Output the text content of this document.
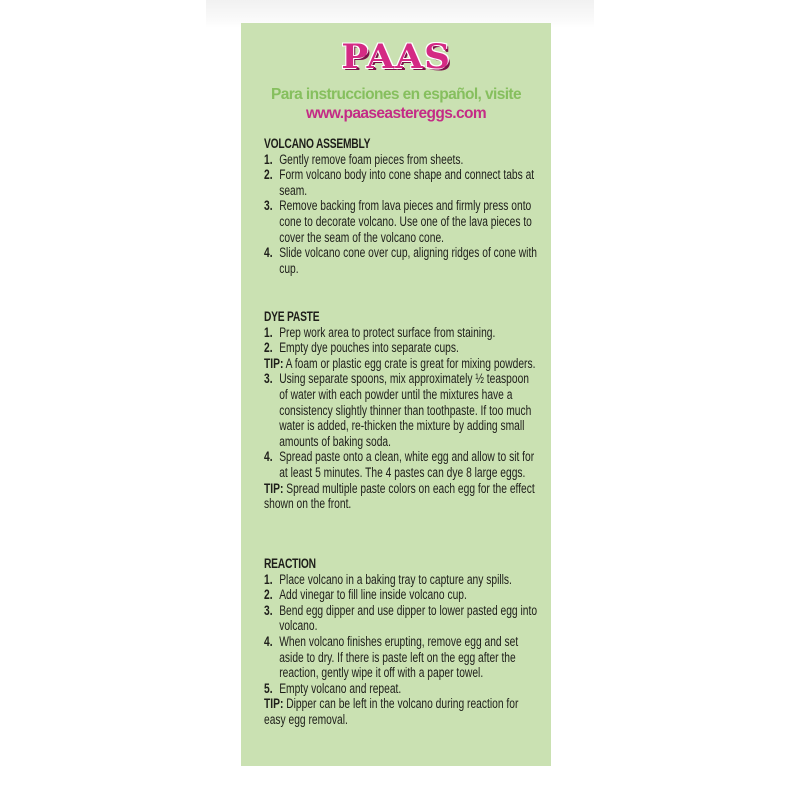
PAAS
Para instrucciones en español, visite
www.paaseastereggs.com
VOLCANO ASSEMBLY
1. Gently remove foam pieces from sheets.
2. Form volcano body into cone shape and connect tabs at seam.
3. Remove backing from lava pieces and firmly press onto cone to decorate volcano. Use one of the lava pieces to cover the seam of the volcano cone.
4. Slide volcano cone over cup, aligning ridges of cone with cup.
DYE PASTE
1. Prep work area to protect surface from staining.
2. Empty dye pouches into separate cups.
TIP: A foam or plastic egg crate is great for mixing powders.
3. Using separate spoons, mix approximately ½ teaspoon of water with each powder until the mixtures have a consistency slightly thinner than toothpaste. If too much water is added, re-thicken the mixture by adding small amounts of baking soda.
4. Spread paste onto a clean, white egg and allow to sit for at least 5 minutes. The 4 pastes can dye 8 large eggs.
TIP: Spread multiple paste colors on each egg for the effect shown on the front.
REACTION
1. Place volcano in a baking tray to capture any spills.
2. Add vinegar to fill line inside volcano cup.
3. Bend egg dipper and use dipper to lower pasted egg into volcano.
4. When volcano finishes erupting, remove egg and set aside to dry. If there is paste left on the egg after the reaction, gently wipe it off with a paper towel.
5. Empty volcano and repeat.
TIP: Dipper can be left in the volcano during reaction for easy egg removal.
